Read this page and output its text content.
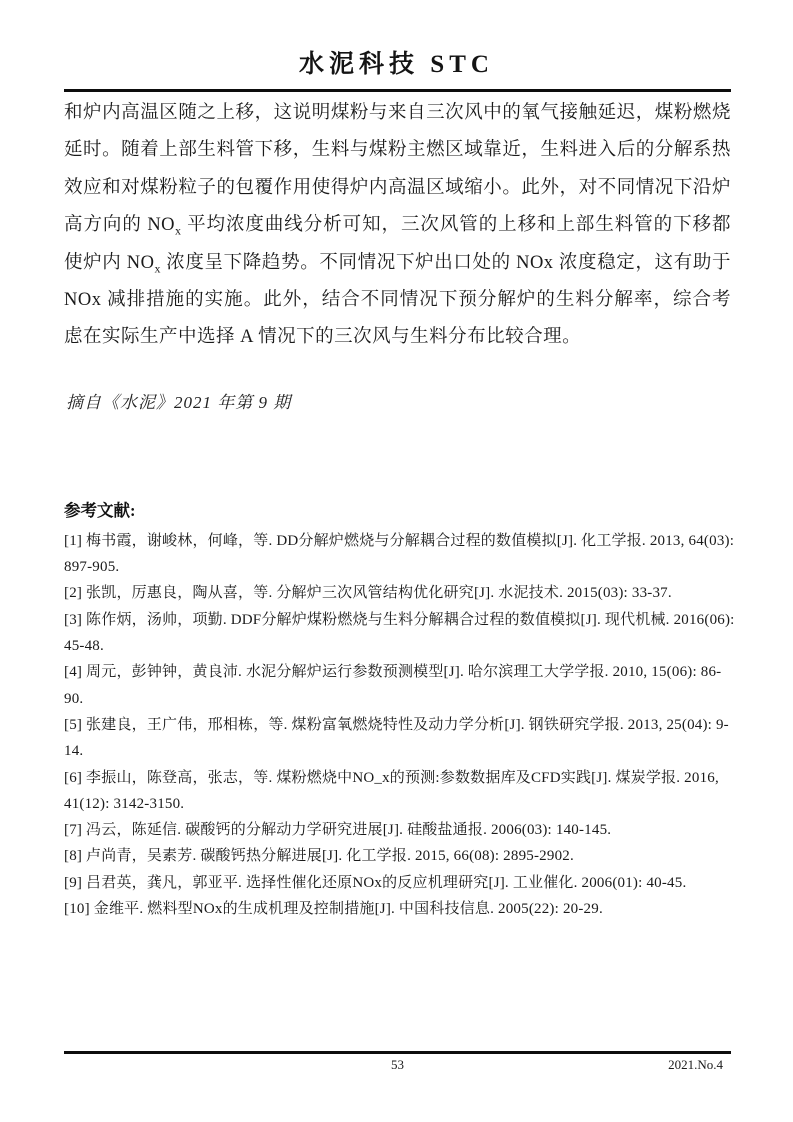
水泥科技 STC

和炉内高温区随之上移，这说明煤粉与来自三次风中的氧气接触延迟，煤粉燃烧延时。随着上部生料管下移，生料与煤粉主燃区域靠近，生料进入后的分解系热效应和对煤粉粒子的包覆作用使得炉内高温区域缩小。此外，对不同情况下沿炉高方向的 $NO_x$ 平均浓度曲线分析可知，三次风管的上移和上部生料管的下移都使炉内 $NO_x$ 浓度呈下降趋势。不同情况下炉出口处的 NOx 浓度稳定，这有助于 NOx 减排措施的实施。此外，结合不同情况下预分解炉的生料分解率，综合考虑在实际生产中选择 A 情况下的三次风与生料分布比较合理。

摘自《水泥》2021 年第 9 期
参考文献:
[1] 梅书霞，谢峻林，何峰，等. DD分解炉燃烧与分解耦合过程的数值模拟[J]. 化工学报. 2013, 64(03): 897-905.
[2] 张凯，厉惠良，陶从喜，等. 分解炉三次风管结构优化研究[J]. 水泥技术. 2015(03): 33-37.
[3] 陈作炳，汤帅，项勤. DDF分解炉煤粉燃烧与生料分解耦合过程的数值模拟[J]. 现代机械. 2016(06): 45-48.
[4] 周元，彭钟钟，黄良沛. 水泥分解炉运行参数预测模型[J]. 哈尔滨理工大学学报. 2010, 15(06): 86-90.
[5] 张建良，王广伟，邢相栋，等. 煤粉富氧燃烧特性及动力学分析[J]. 钢铁研究学报. 2013, 25(04): 9-14.
[6] 李振山，陈登高，张志，等. 煤粉燃烧中NO_x的预测:参数数据库及CFD实践[J]. 煤炭学报. 2016, 41(12): 3142-3150.
[7] 冯云，陈延信. 碳酸钙的分解动力学研究进展[J]. 硅酸盐通报. 2006(03): 140-145.
[8] 卢尚青，吴素芳. 碳酸钙热分解进展[J]. 化工学报. 2015, 66(08): 2895-2902.
[9] 吕君英，龚凡，郭亚平. 选择性催化还原NOx的反应机理研究[J]. 工业催化. 2006(01): 40-45.
[10] 金维平. 燃料型NOx的生成机理及控制措施[J]. 中国科技信息. 2005(22): 20-29.
53	2021.No.4
